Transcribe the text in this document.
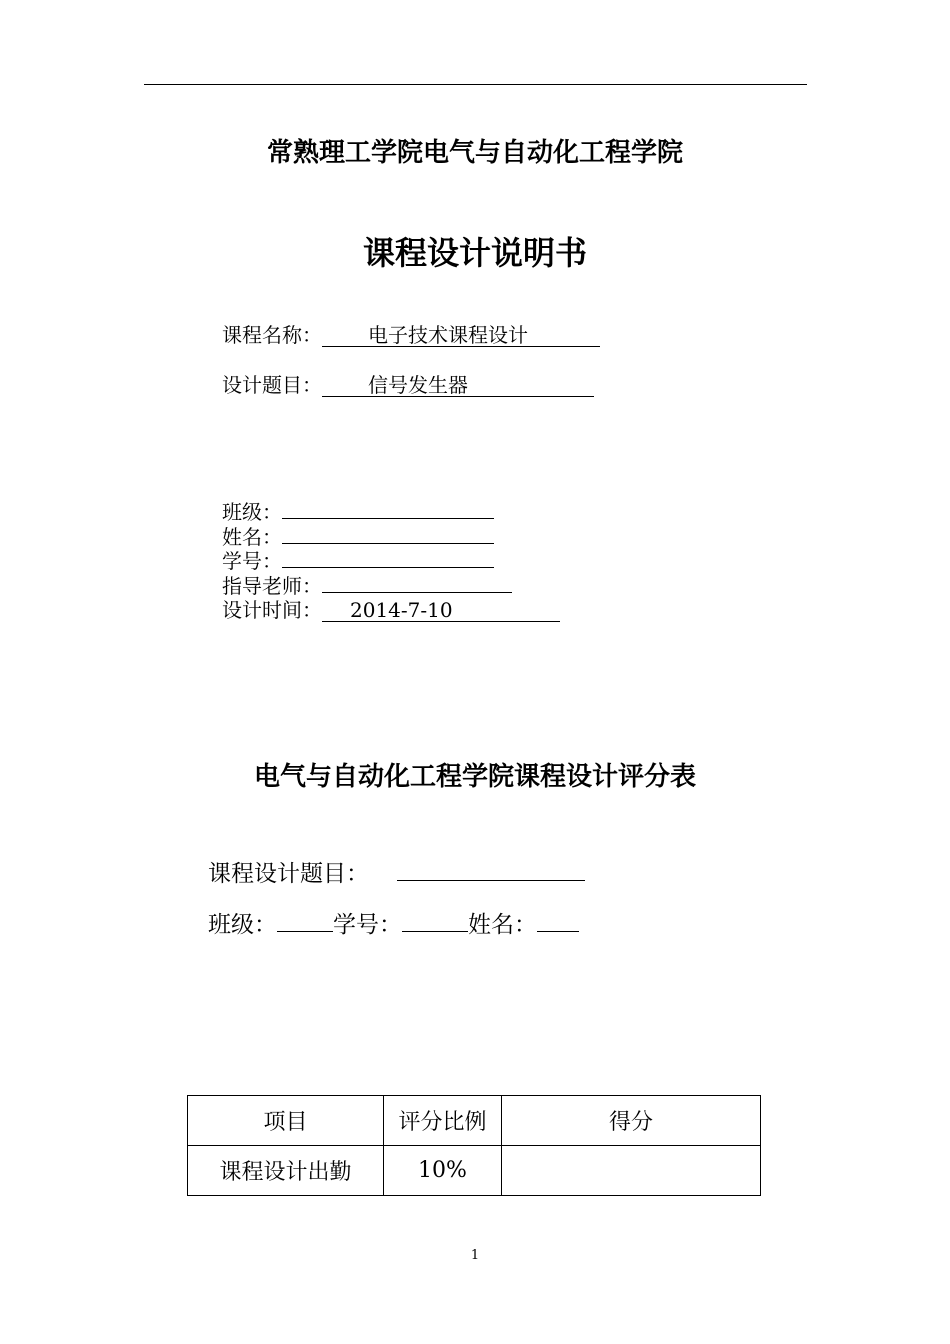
常熟理工学院电气与自动化工程学院
课程设计说明书
课程名称： 电子技术课程设计
设计题目： 信号发生器
班级：
姓名：
学号：
指导老师：
设计时间： 2014-7-10
电气与自动化工程学院课程设计评分表
课程设计题目：
班级： 学号：	姓名：
项目	评分比例	得分
课程设计出勤	10%	
1
